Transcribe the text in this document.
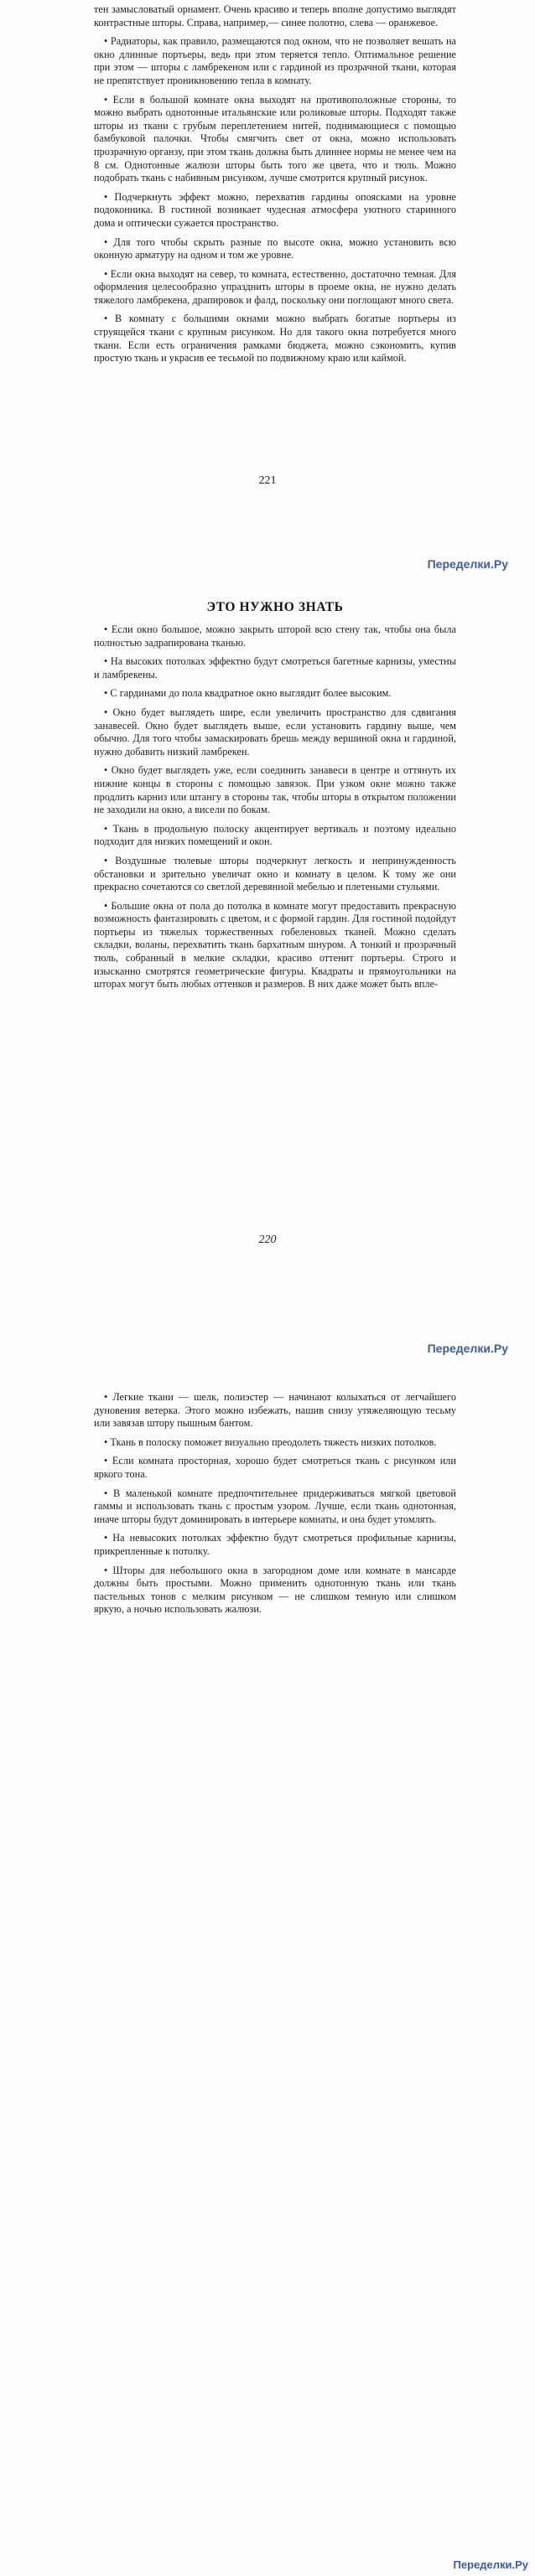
тен замысловатый орнамент. Очень красиво и теперь вполне допустимо выглядят контрастные шторы. Справа, например,— синее полотно, слева — оранжевое.

• Радиаторы, как правило, размещаются под окном, что не позволяет вешать на окно длинные портьеры, ведь при этом теряется тепло. Оптимальное решение при этом — шторы с ламбрекеном или с гардиной из прозрачной ткани, которая не препятствует проникновению тепла в комнату.

• Если в большой комнате окна выходят на противоположные стороны, то можно выбрать однотонные итальянские или роликовые шторы. Подходят также шторы из ткани с грубым переплетением нитей, поднимающиеся с помощью бамбуковой палочки. Чтобы смягчить свет от окна, можно использовать прозрачную органзу, при этом ткань должна быть длиннее нормы не менее чем на 8 см. Однотонные жалюзи шторы быть того же цвета, что и тюль. Можно подобрать ткань с набивным рисунком, лучше смотрится крупный рисунок.

• Подчеркнуть эффект можно, перехватив гардины опоясками на уровне подоконника. В гостиной возникает чудесная атмосфера уютного старинного дома и оптически сужается пространство.

• Для того чтобы скрыть разные по высоте окна, можно установить всю оконную арматуру на одном и том же уровне.

• Если окна выходят на север, то комната, естественно, достаточно темная. Для оформления целесообразно упразднить шторы в проеме окна, не нужно делать тяжелого ламбрекена, драпировок и фалд, поскольку они поглощают много света.

• В комнату с большими окнами можно выбрать богатые портьеры из струящейся ткани с крупным рисунком. Но для такого окна потребуется много ткани. Если есть ограничения рамками бюджета, можно сэкономить, купив простую ткань и украсив ее тесьмой по подвижному краю или каймой.

221
Переделки.Ру
ЭТО НУЖНО ЗНАТЬ

• Если окно большое, можно закрыть шторой всю стену так, чтобы она была полностью задрапирована тканью.

• На высоких потолках эффектно будут смотреться багетные карнизы, уместны и ламбрекены.

• С гардинами до пола квадратное окно выглядит более высоким.

• Окно будет выглядеть шире, если увеличить пространство для сдвигания занавесей. Окно будет выглядеть выше, если установить гардину выше, чем обычно. Для того чтобы замаскировать брешь между вершиной окна и гардиной, нужно добавить низкий ламбрекен.

• Окно будет выглядеть уже, если соединить занавеси в центре и оттянуть их нижние концы в стороны с помощью завязок. При узком окне можно также продлить карниз или штангу в стороны так, чтобы шторы в открытом положении не заходили на окно, а висели по бокам.

• Ткань в продольную полоску акцентирует вертикаль и поэтому идеально подходит для низких помещений и окон.

• Воздушные тюлевые шторы подчеркнут легкость и непринужденность обстановки и зрительно увеличат окно и комнату в целом. К тому же они прекрасно сочетаются со светлой деревянной мебелью и плетеными стульями.

• Большие окна от пола до потолка в комнате могут предоставить прекрасную возможность фантазировать с цветом, и с формой гардин. Для гостиной подойдут портьеры из тяжелых торжественных гобеленовых тканей. Можно сделать складки, воланы, перехватить ткань бархатным шнуром. А тонкий и прозрачный тюль, собранный в мелкие складки, красиво оттенит портьеры. Строго и изысканно смотрятся геометрические фигуры. Квадраты и прямоугольники на шторах могут быть любых оттенков и размеров. В них даже может быть впле-

220
Переделки.Ру

• Легкие ткани — шелк, полиэстер — начинают колыхаться от легчайшего дуновения ветерка. Этого можно избежать, нашив снизу утяжеляющую тесьму или завязав штору пышным бантом.

• Ткань в полоску поможет визуально преодолеть тяжесть низких потолков.

• Если комната просторная, хорошо будет смотреться ткань с рисунком или яркого тона.

• В маленькой комнате предпочтительнее придерживаться мягкой цветовой гаммы и использовать ткань с простым узором. Лучше, если ткань однотонная, иначе шторы будут доминировать в интерьере комнаты, и она будет утомлять.

• На невысоких потолках эффектно будут смотреться профильные карнизы, прикрепленные к потолку.

• Шторы для небольшого окна в загородном доме или комнате в мансарде должны быть простыми. Можно применить однотонную ткань или ткань пастельных тонов с мелким рисунком — не слишком темную или слишком яркую, а ночью использовать жалюзи.

Переделки.Ру
